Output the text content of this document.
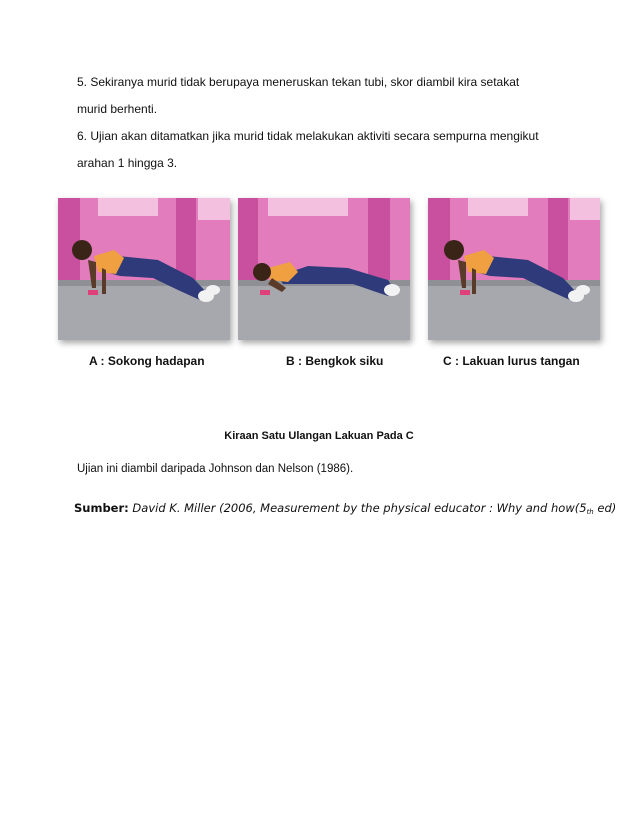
5. Sekiranya murid tidak berupaya meneruskan tekan tubi, skor diambil kira setakat
murid berhenti.
6. Ujian akan ditamatkan jika murid tidak melakukan aktiviti secara sempurna mengikut
arahan 1 hingga 3.
A : Sokong hadapan	B : Bengkok siku	C : Lakuan lurus tangan
Kiraan Satu Ulangan Lakuan Pada C
Ujian ini diambil daripada Johnson dan Nelson (1986).
Sumber: David K. Miller (2006, Measurement by the physical educator : Why and $how(5_{th}$ ed)
